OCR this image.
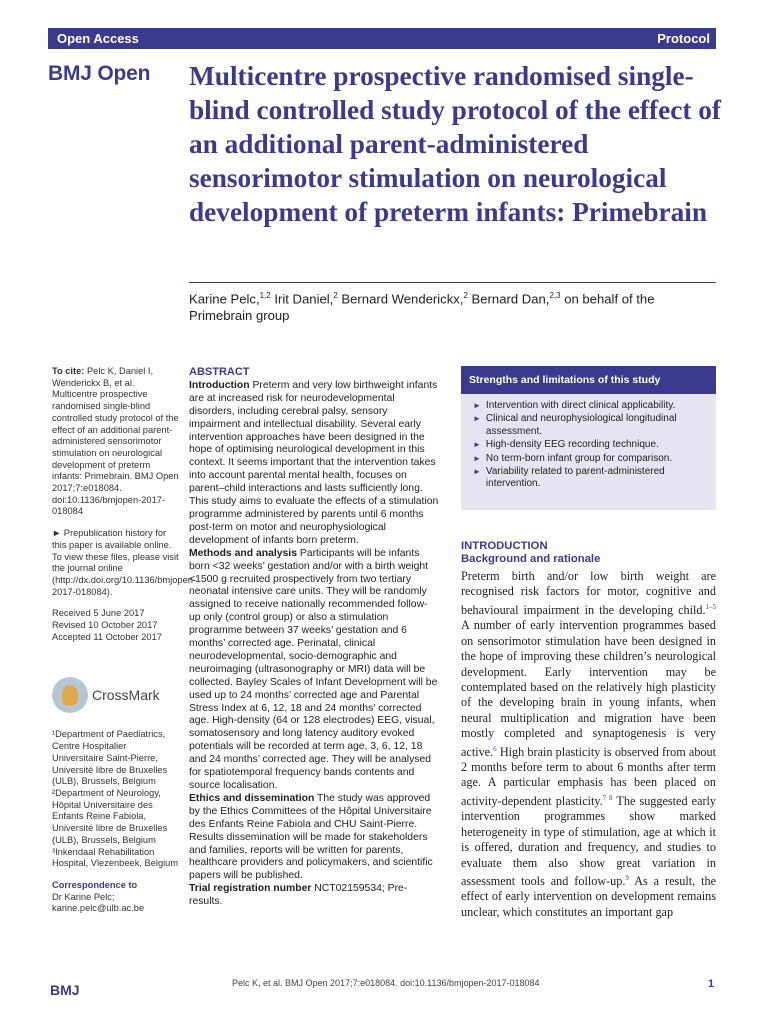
Open Access	Protocol
BMJ Open Multicentre prospective randomised single-blind controlled study protocol of the effect of an additional parent-administered sensorimotor stimulation on neurological development of preterm infants: Primebrain
Karine Pelc,$^{1,2}$ Irit Daniel,$^2$ Bernard Wenderickx,$^2$ Bernard Dan,$^{2,3}$ on behalf of the Primebrain group

To cite: Pelc K, Daniel I, Wenderickx B, et al. Multicentre prospective randomised single-blind controlled study protocol of the effect of an additional parent-administered sensorimotor stimulation on neurological development of preterm infants: Primebrain. BMJ Open 2017;7:e018084. doi:10.1136/bmjopen-2017-018084

► Prepublication history for this paper is available online. To view these files, please visit the journal online (http://dx.doi.org/10.1136/bmjopen-2017-018084).

Received 5 June 2017

Revised 10 October 2017

Accepted 11 October 2017

CrossMark

¹Department of Paediatrics, Centre Hospitalier Universitaire Saint-Pierre, Université libre de Bruxelles (ULB), Brussels, Belgium

²Department of Neurology, Hôpital Universitaire des Enfants Reine Fabiola, Université libre de Bruxelles (ULB), Brussels, Belgium

³Inkendaal Rehabilitation Hospital, Vlezenbeek, Belgium

Correspondence to

Dr Karine Pelc;

karine.pelc@ulb.ac.be

ABSTRACT

Introduction Preterm and very low birthweight infants are at increased risk for neurodevelopmental disorders, including cerebral palsy, sensory impairment and intellectual disability. Several early intervention approaches have been designed in the hope of optimising neurological development in this context. It seems important that the intervention takes into account parental mental health, focuses on parent–child interactions and lasts sufficiently long. This study aims to evaluate the effects of a stimulation programme administered by parents until 6 months post-term on motor and neurophysiological development of infants born preterm.

Methods and analysis Participants will be infants born <32 weeks’ gestation and/or with a birth weight <1500 g recruited prospectively from two tertiary neonatal intensive care units. They will be randomly assigned to receive nationally recommended follow-up only (control group) or also a stimulation programme between 37 weeks’ gestation and 6 months’ corrected age. Perinatal, clinical neurodevelopmental, socio-demographic and neuroimaging (ultrasonography or MRI) data will be collected. Bayley Scales of Infant Development will be used up to 24 months’ corrected age and Parental Stress Index at 6, 12, 18 and 24 months’ corrected age. High-density (64 or 128 electrodes) EEG, visual, somatosensory and long latency auditory evoked potentials will be recorded at term age, 3, 6, 12, 18 and 24 months’ corrected age. They will be analysed for spatiotemporal frequency bands contents and source localisation.

Ethics and dissemination The study was approved by the Ethics Committees of the Hôpital Universitaire des Enfants Reine Fabiola and CHU Saint-Pierre. Results dissemination will be made for stakeholders and families, reports will be written for parents, healthcare providers and policymakers, and scientific papers will be published.

Trial registration number NCT02159534; Pre-results.

Strengths and limitations of this study
► Intervention with direct clinical applicability.
► Clinical and neurophysiological longitudinal assessment.
► High-density EEG recording technique.
► No term-born infant group for comparison.
► Variability related to parent-administered intervention.
INTRODUCTION
Background and rationale

Preterm birth and/or low birth weight are recognised risk factors for motor, cognitive and behavioural impairment in the developing child.$^{1-5}$ A number of early intervention programmes based on sensorimotor stimulation have been designed in the hope of improving these children’s neurological development. Early intervention may be contemplated based on the relatively high plasticity of the developing brain in young infants, when neural multiplication and migration have been mostly completed and synaptogenesis is very active.$^6$ High brain plasticity is observed from about 2 months before term to about 6 months after term age. A particular emphasis has been placed on activity-dependent plasticity.$^{7 8}$ The suggested early intervention programmes show marked heterogeneity in type of stimulation, age at which it is offered, duration and frequency, and studies to evaluate them also show great variation in assessment tools and follow-up.$^9$ As a result, the effect of early intervention on development remains unclear, which constitutes an important gap

BMJ	Pelc K, et al. BMJ Open 2017;7:e018084. doi:10.1136/bmjopen-2017-018084	1
